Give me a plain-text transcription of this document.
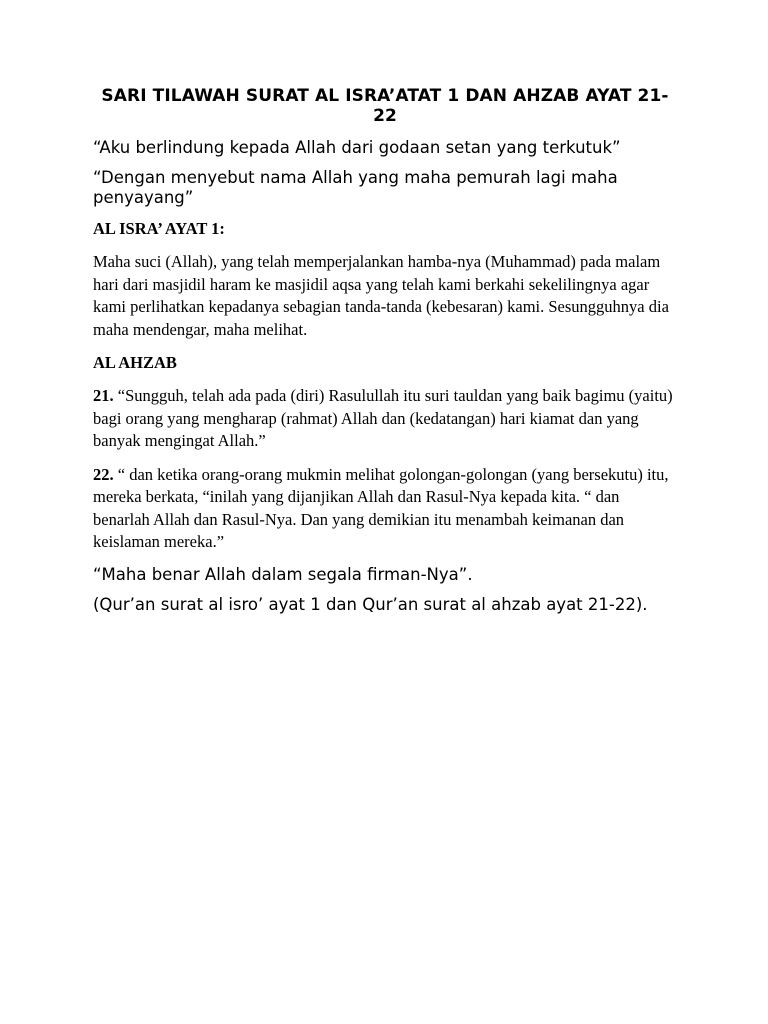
SARI TILAWAH SURAT AL ISRA’ATAT 1 DAN AHZAB AYAT 21-22
“Aku berlindung kepada Allah dari godaan setan yang terkutuk”
“Dengan menyebut nama Allah yang maha pemurah lagi maha penyayang”
AL ISRA’ AYAT 1:
Maha suci (Allah), yang telah memperjalankan hamba-nya (Muhammad) pada malam hari dari masjidil haram ke masjidil aqsa yang telah kami berkahi sekelilingnya agar kami perlihatkan kepadanya sebagian tanda-tanda (kebesaran) kami. Sesungguhnya dia maha mendengar, maha melihat.
AL AHZAB
21. “Sungguh, telah ada pada (diri) Rasulullah itu suri tauldan yang baik bagimu (yaitu) bagi orang yang mengharap (rahmat) Allah dan (kedatangan) hari kiamat dan yang banyak mengingat Allah.”
22. “ dan ketika orang-orang mukmin melihat golongan-golongan (yang bersekutu) itu, mereka berkata, “inilah yang dijanjikan Allah dan Rasul-Nya kepada kita. “ dan benarlah Allah dan Rasul-Nya. Dan yang demikian itu menambah keimanan dan keislaman mereka.”
“Maha benar Allah dalam segala firman-Nya”.
(Qur’an surat al isro’ ayat 1 dan Qur’an surat al ahzab ayat 21-22).
